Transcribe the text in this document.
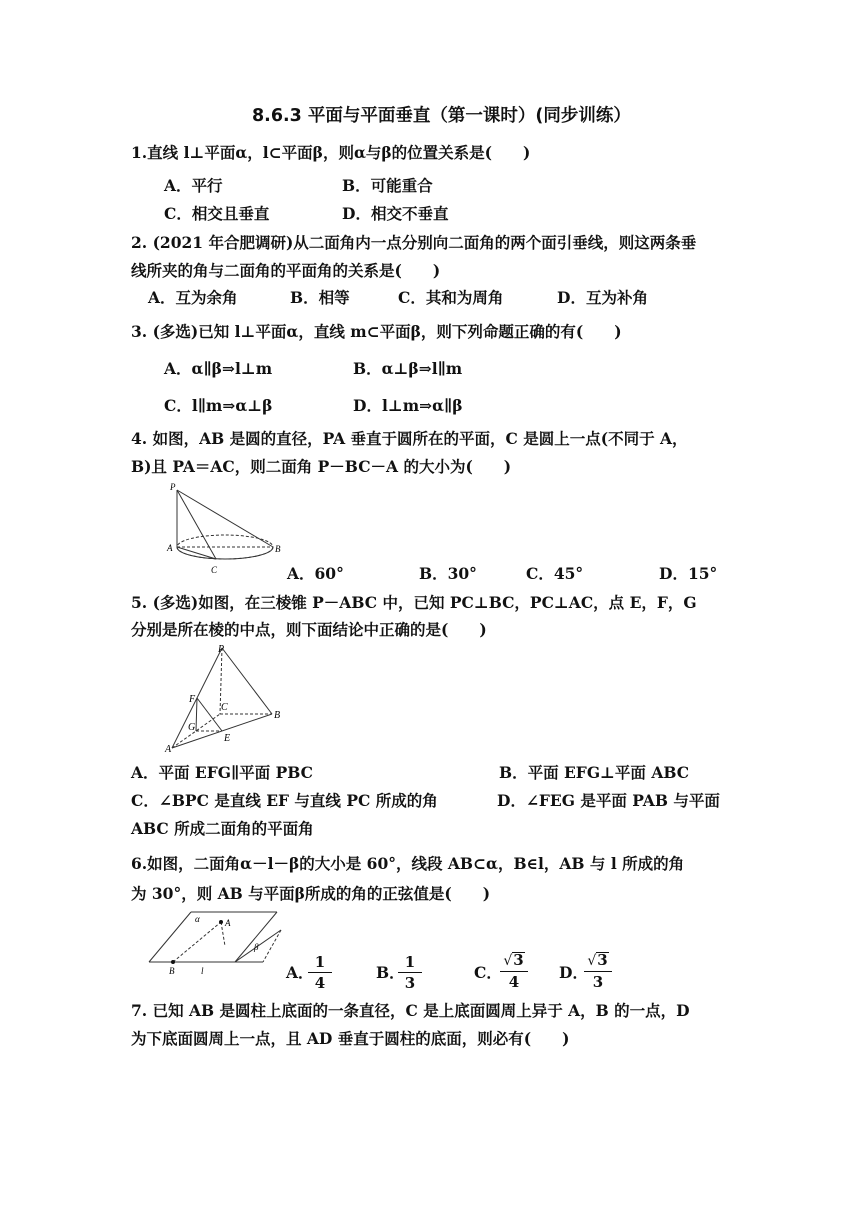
8.6.3 平面与平面垂直（第一课时）(同步训练）
1.直线 l⊥平面α，l⊂平面β，则α与β的位置关系是(　　)
A．平行	B．可能重合
C．相交且垂直	D．相交不垂直
2. (2021 年合肥调研)从二面角内一点分别向二面角的两个面引垂线，则这两条垂
线所夹的角与二面角的平面角的关系是(　　)
A．互为余角	B．相等	C．其和为周角	D．互为补角
3. (多选)已知 l⊥平面α，直线 m⊂平面β，则下列命题正确的有(　　)
A．α∥β⇒l⊥m	B．α⊥β⇒l∥m
C．l∥m⇒α⊥β	D．l⊥m⇒α∥β
4. 如图，AB 是圆的直径，PA 垂直于圆所在的平面，C 是圆上一点(不同于 A，
B)且 PA＝AC，则二面角 P－BC－A 的大小为(　　)
P
A	B
C	A．60°	B．30°	C．45°	D．15°
5. (多选)如图，在三棱锥 P－ABC 中，已知 PC⊥BC，PC⊥AC，点 E，F，G
分别是所在棱的中点，则下面结论中正确的是(　　)
P
F
C
G
B
E
A
A．平面 EFG∥平面 PBC	B．平面 EFG⊥平面 ABC
C．∠BPC 是直线 EF 与直线 PC 所成的角	D．∠FEG 是平面 PAB 与平面
ABC 所成二面角的平面角
6.如图，二面角α－l－β的大小是 60°，线段 AB⊂α，B∈l，AB 与 l 所成的角
为 30°，则 AB 与平面β所成的角的正弦值是(　　)
α	A
β
B	l	A．
1
4
B．
1
3
C．
√3
4	D．
√3
3
7. 已知 AB 是圆柱上底面的一条直径，C 是上底面圆周上异于 A，B 的一点，D
为下底面圆周上一点，且 AD 垂直于圆柱的底面，则必有(　　)
